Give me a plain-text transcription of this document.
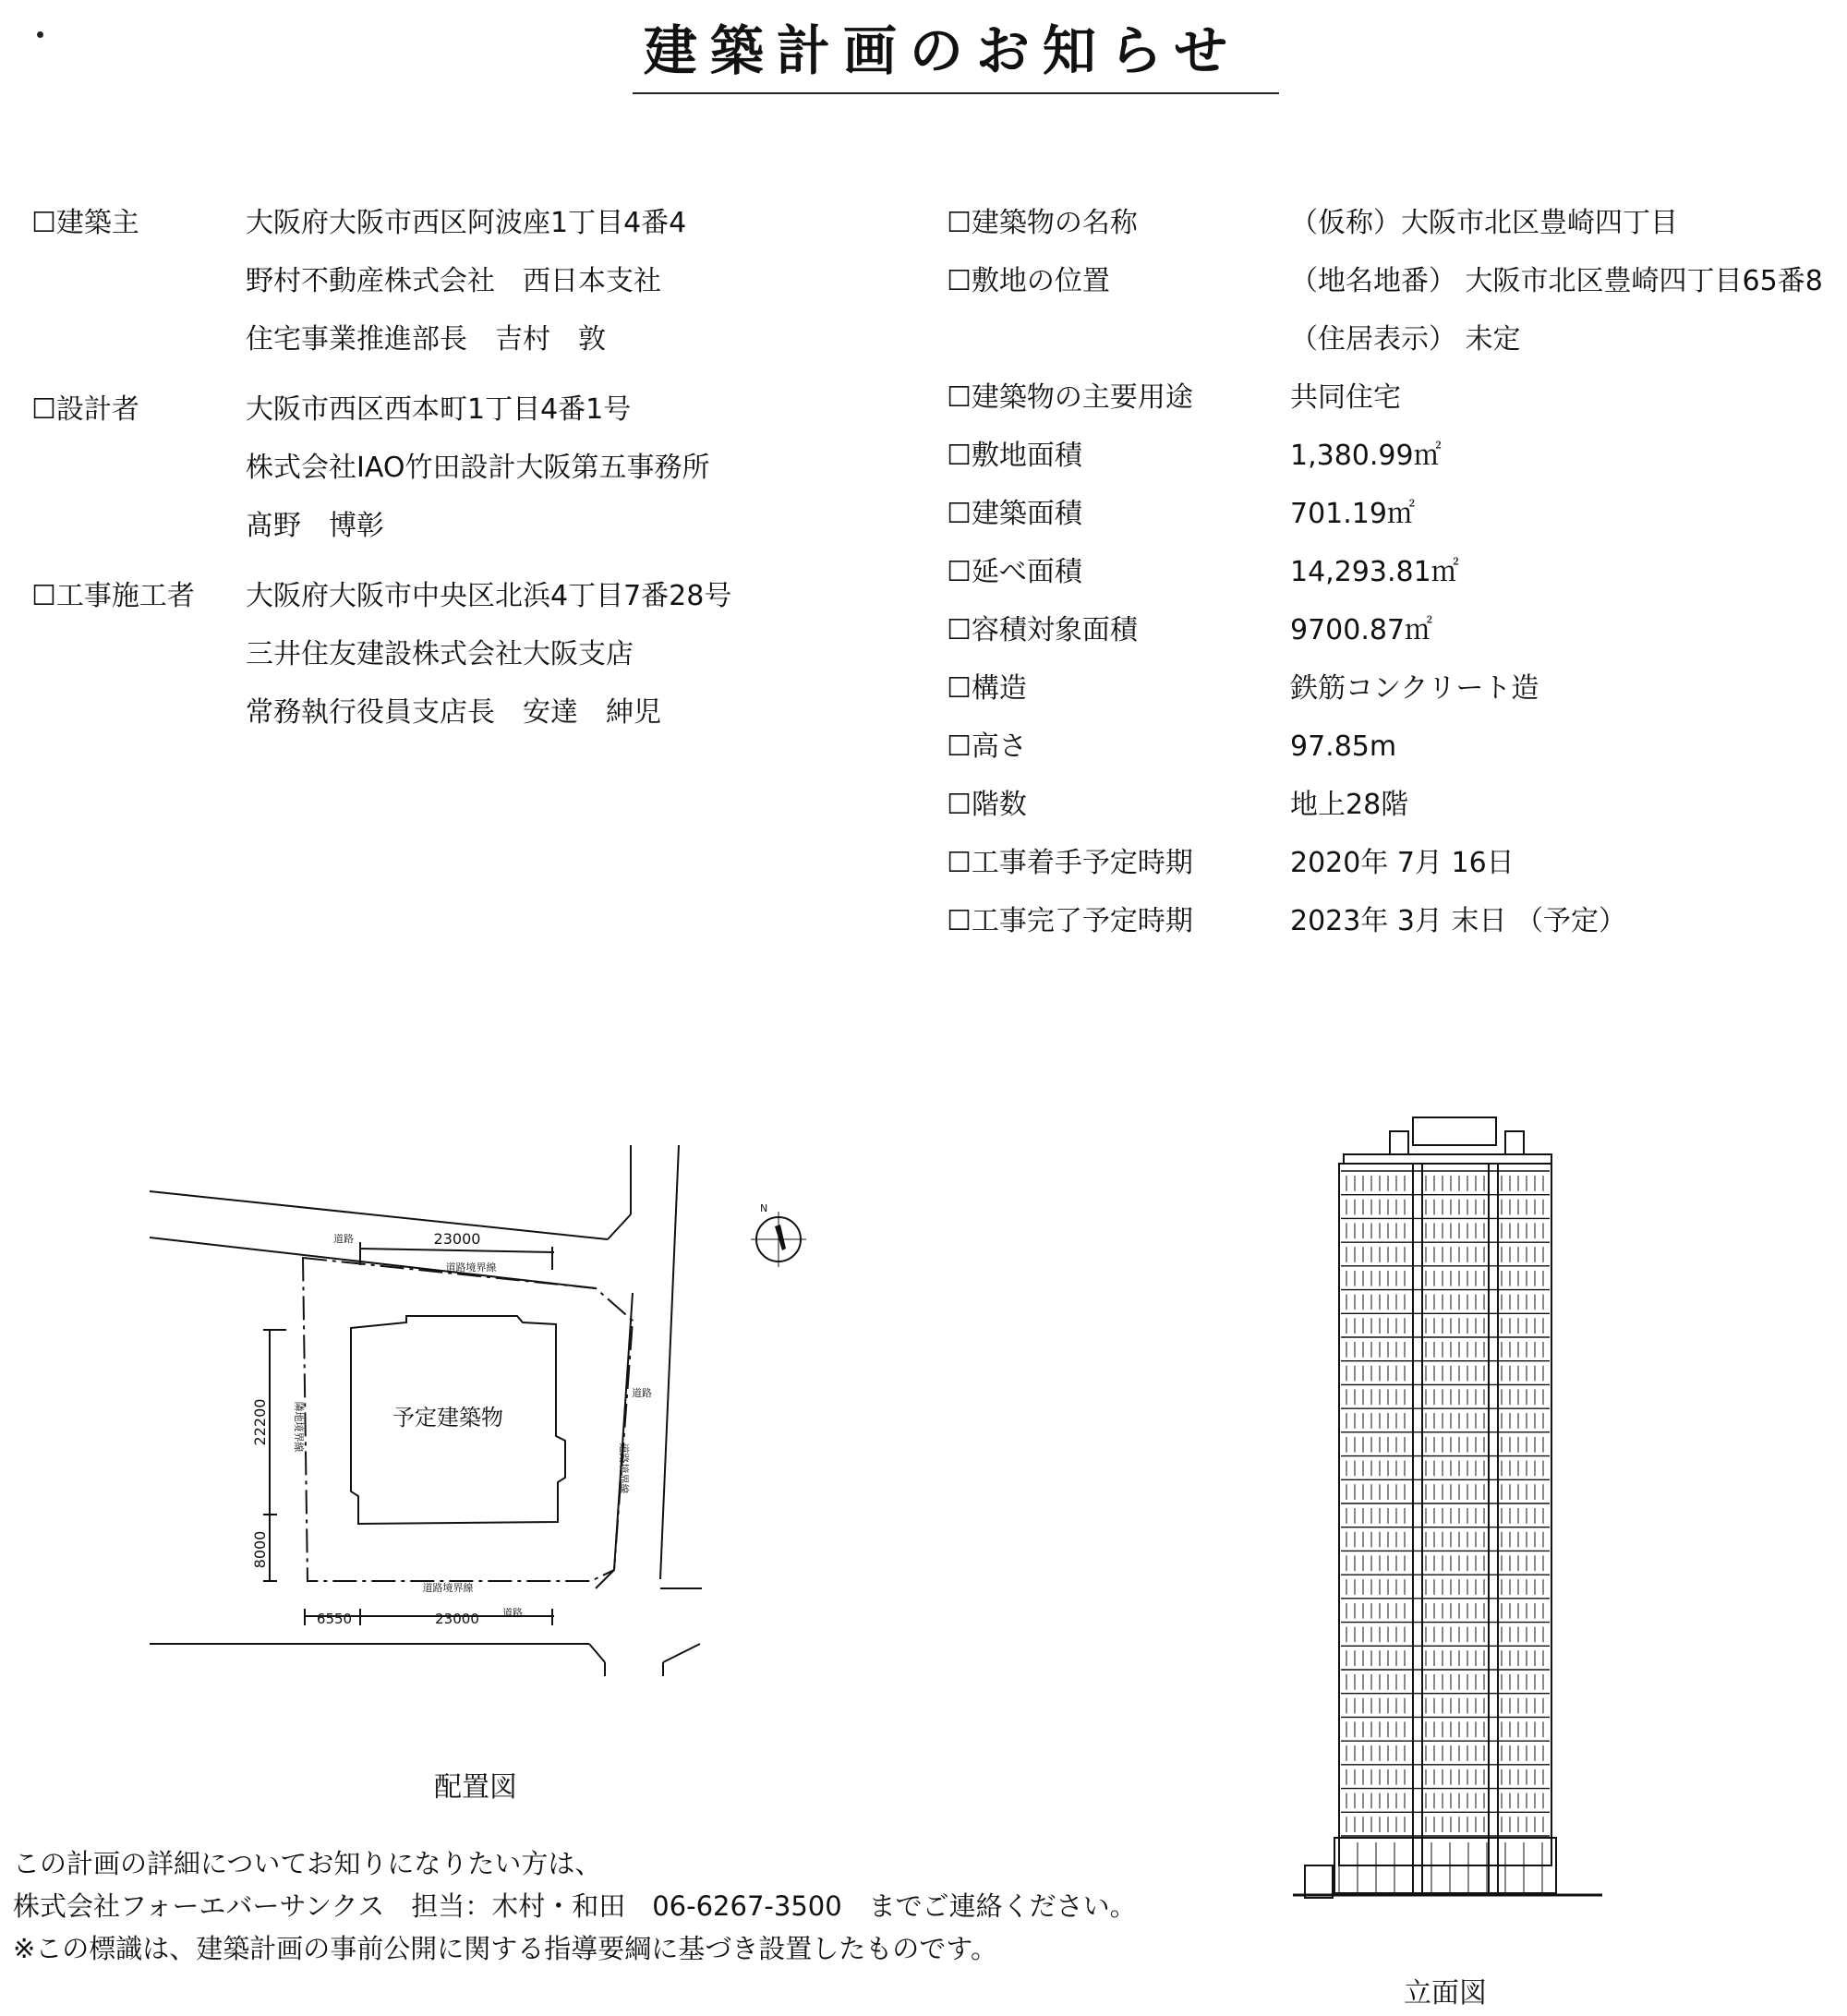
建築計画のお知らせ
☐建築主	大阪府大阪市西区阿波座1丁目4番4
野村不動産株式会社　西日本支社
住宅事業推進部長　吉村　敦
☐設計者	大阪市西区西本町1丁目4番1号
株式会社IAO竹田設計大阪第五事務所
髙野　博彰
☐工事施工者	大阪府大阪市中央区北浜4丁目7番28号
三井住友建設株式会社大阪支店
常務執行役員支店長　安達　紳児
☐建築物の名称	（仮称）大阪市北区豊崎四丁目
☐敷地の位置	（地名地番） 大阪市北区豊崎四丁目65番8
（住居表示） 未定
☐建築物の主要用途	共同住宅
☐敷地面積	1,380.99㎡
☐建築面積	701.19㎡
☐延べ面積	14,293.81㎡
☐容積対象面積	9700.87㎡
☐構造	鉄筋コンクリート造
☐高さ	97.85m
☐階数	地上28階
☐工事着手予定時期	2020年 7月 16日
☐工事完了予定時期	2023年 3月 末日 （予定）
23000
道路
道路境界線
予定建築物
道路境界線
6550	23000 道路
道路
22200
8000
隣地境界線
道路境界線
N
配置図
立面図
この計画の詳細についてお知りになりたい方は、
株式会社フォーエバーサンクス　担当：木村・和田　06-6267-3500　までご連絡ください。
※この標識は、建築計画の事前公開に関する指導要綱に基づき設置したものです。
